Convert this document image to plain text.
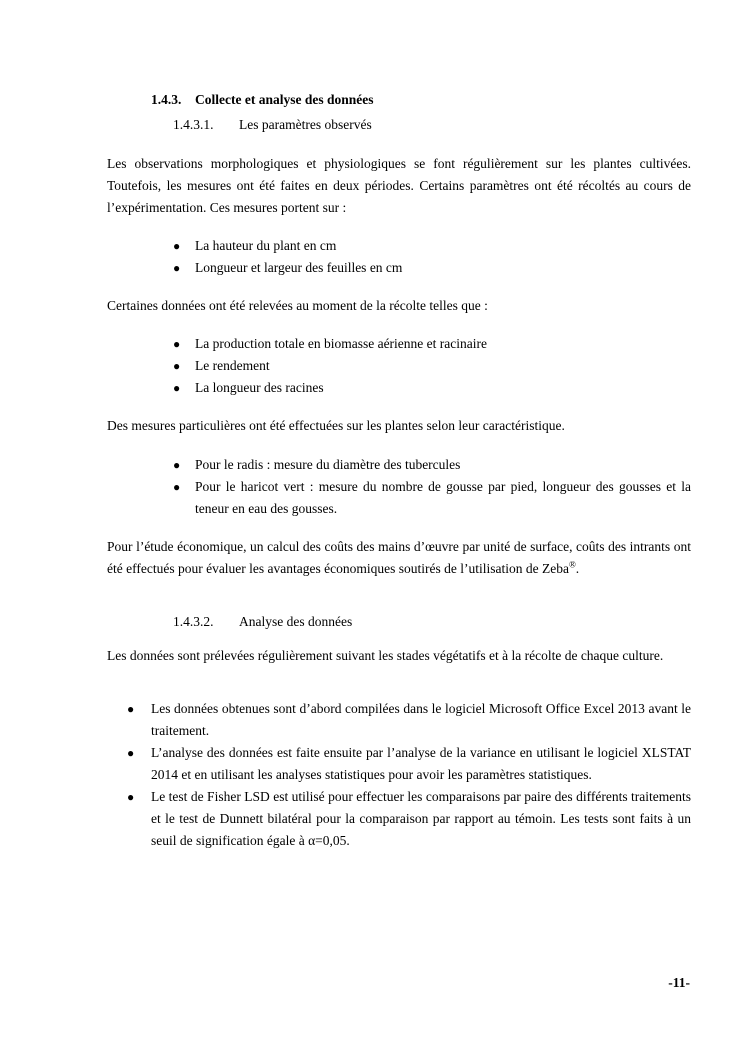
1.4.3. Collecte et analyse des données
1.4.3.1. Les paramètres observés

Les observations morphologiques et physiologiques se font régulièrement sur les plantes cultivées. Toutefois, les mesures ont été faites en deux périodes. Certains paramètres ont été récoltés au cours de l’expérimentation. Ces mesures portent sur :

● La hauteur du plant en cm
● Longueur et largeur des feuilles en cm

Certaines données ont été relevées au moment de la récolte telles que :

● La production totale en biomasse aérienne et racinaire
● Le rendement
● La longueur des racines

Des mesures particulières ont été effectuées sur les plantes selon leur caractéristique.

● Pour le radis : mesure du diamètre des tubercules
● Pour le haricot vert : mesure du nombre de gousse par pied, longueur des gousses et la teneur en eau des gousses.

Pour l’étude économique, un calcul des coûts des mains d’œuvre par unité de surface, coûts des intrants ont été effectués pour évaluer les avantages économiques soutirés de l’utilisation de Zeba®.

1.4.3.2. Analyse des données

Les données sont prélevées régulièrement suivant les stades végétatifs et à la récolte de chaque culture.

● Les données obtenues sont d’abord compilées dans le logiciel Microsoft Office Excel 2013 avant le traitement.
● L’analyse des données est faite ensuite par l’analyse de la variance en utilisant le logiciel XLSTAT 2014 et en utilisant les analyses statistiques pour avoir les paramètres statistiques.
● Le test de Fisher LSD est utilisé pour effectuer les comparaisons par paire des différents traitements et le test de Dunnett bilatéral pour la comparaison par rapport au témoin. Les tests sont faits à un seuil de signification égale à α=0,05.
-11-
